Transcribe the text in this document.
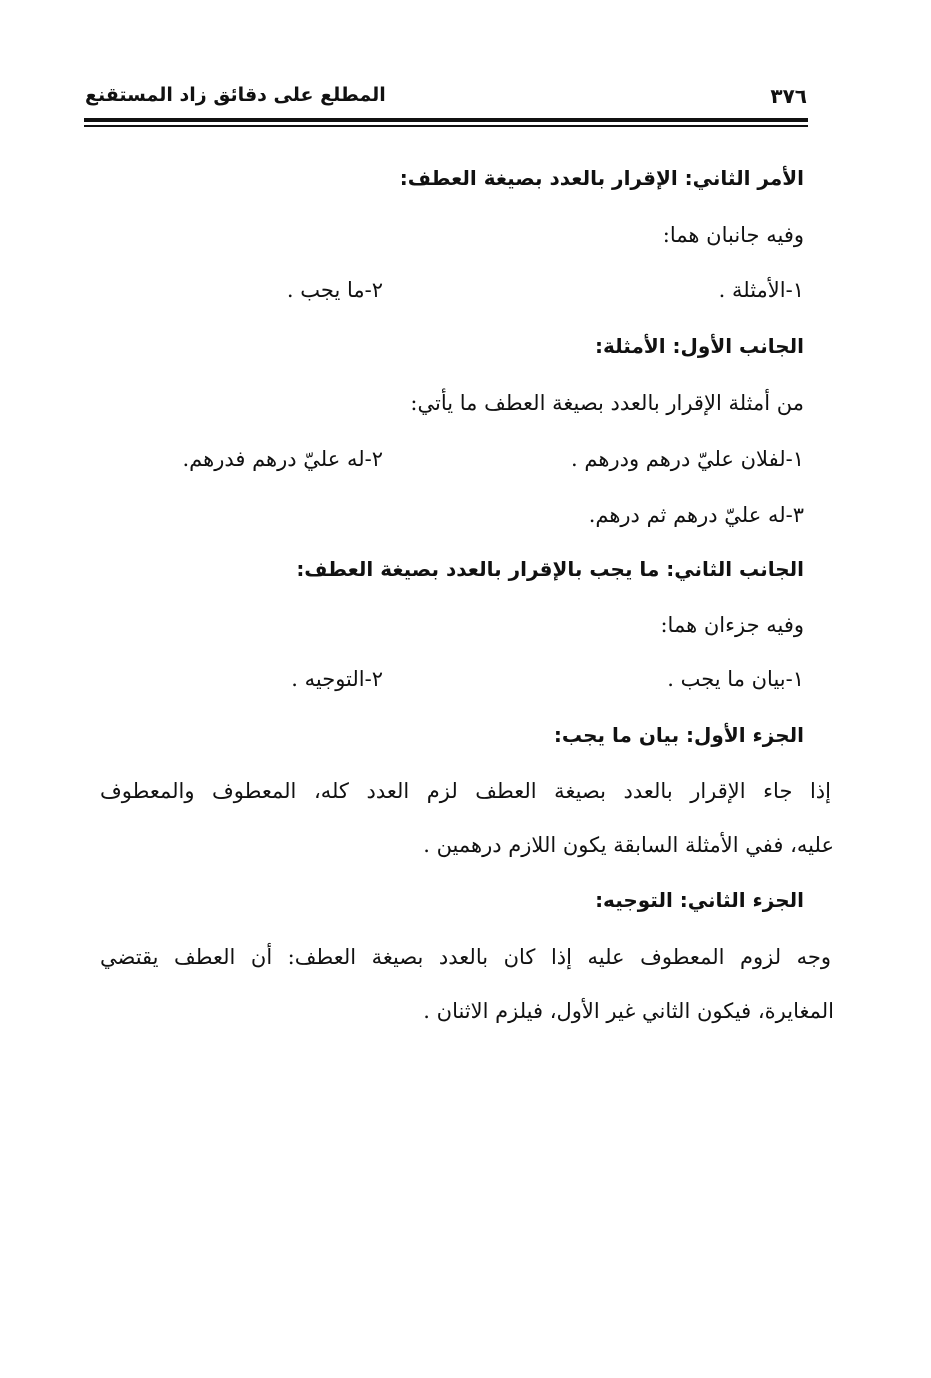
٣٧٦
المطلع على دقائق زاد المستقنع
الأمر الثاني: الإقرار بالعدد بصيغة العطف:
وفيه جانبان هما:
١-الأمثلة .
٢-ما يجب .
الجانب الأول: الأمثلة:
من أمثلة الإقرار بالعدد بصيغة العطف ما يأتي:
١-لفلان عليّ درهم ودرهم .
٢-له عليّ درهم فدرهم.
٣-له عليّ درهم ثم درهم.
الجانب الثاني: ما يجب بالإقرار بالعدد بصيغة العطف:
وفيه جزءان هما:
١-بيان ما يجب .
٢-التوجيه .
الجزء الأول: بيان ما يجب:
إذا جاء الإقرار بالعدد بصيغة العطف لزم العدد كله، المعطوف والمعطوف
عليه، ففي الأمثلة السابقة يكون اللازم درهمين .
الجزء الثاني: التوجيه:
وجه لزوم المعطوف عليه إذا كان بالعدد بصيغة العطف: أن العطف يقتضي
المغايرة، فيكون الثاني غير الأول، فيلزم الاثنان .
